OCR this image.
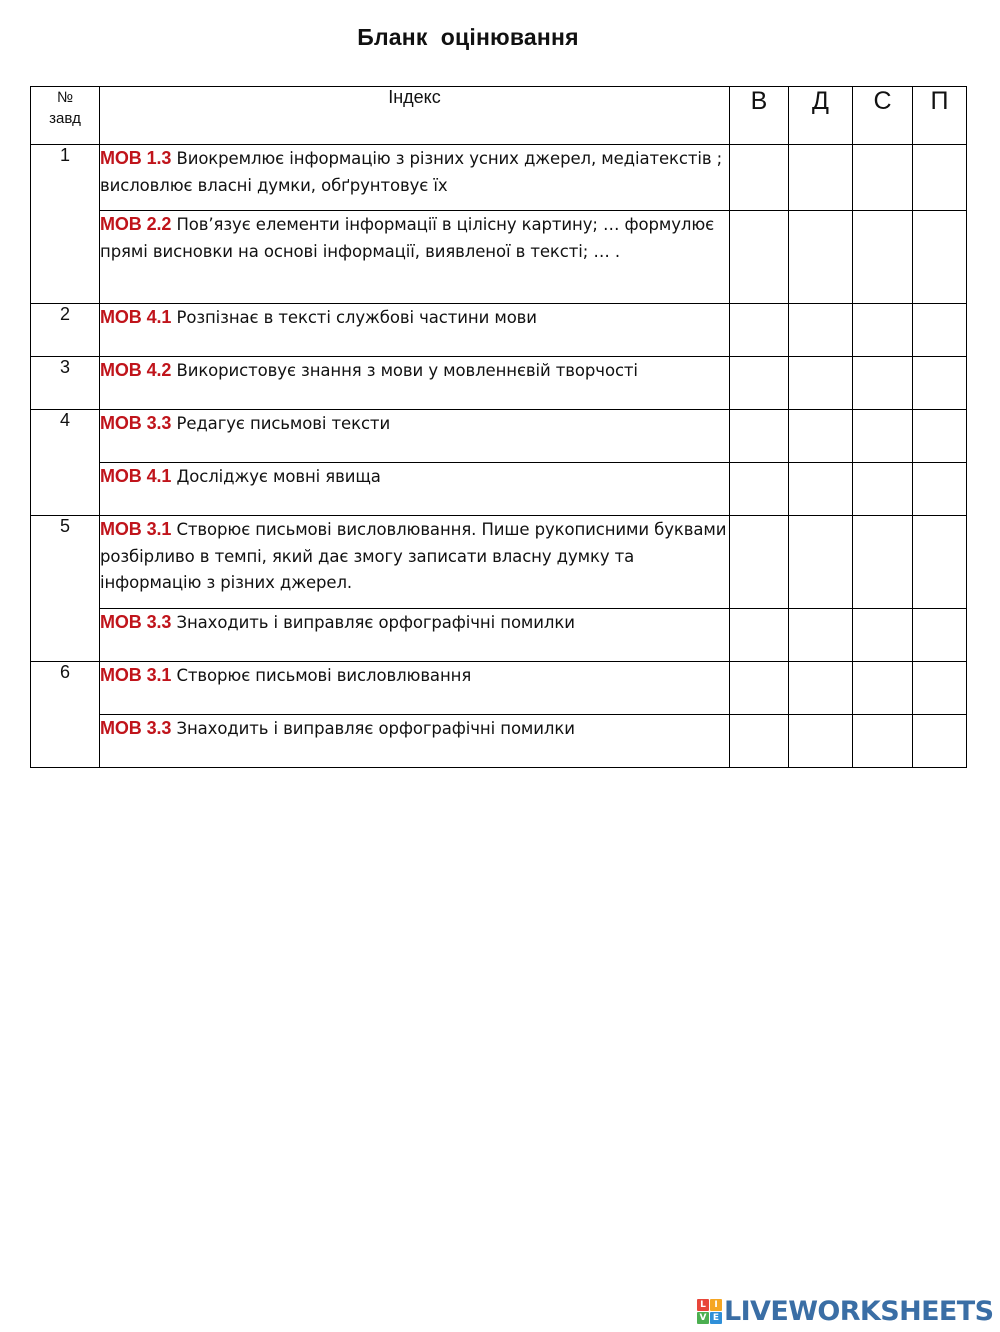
Бланк  оцінювання
№
завд	Індекс	В	Д	С	П
1	МОВ 1.3 Виокремлює інформацію з різних усних джерел, медіатекстів ; висловлює власні думки, обґрунтовує їх				
	МОВ 2.2 Пов’язує елементи інформації в цілісну картину; … формулює прямі висновки на основі інформації, виявленої в тексті; … .				
2	МОВ 4.1 Розпізнає в тексті службові частини мови				
3	МОВ 4.2 Використовує знання з мови у мовленнєвій творчості				
4	МОВ 3.3 Редагує письмові тексти				
	МОВ 4.1 Досліджує мовні явища				
5	МОВ 3.1 Створює письмові висловлювання. Пише рукописними буквами розбірливо в темпі, який дає змогу записати власну думку та інформацію з різних джерел.				
	МОВ 3.3 Знаходить і виправляє орфографічні помилки				
6	МОВ 3.1 Створює письмові висловлювання				
	МОВ 3.3 Знаходить і виправляє орфографічні помилки				
L I
V E LIVEWORKSHEETS
